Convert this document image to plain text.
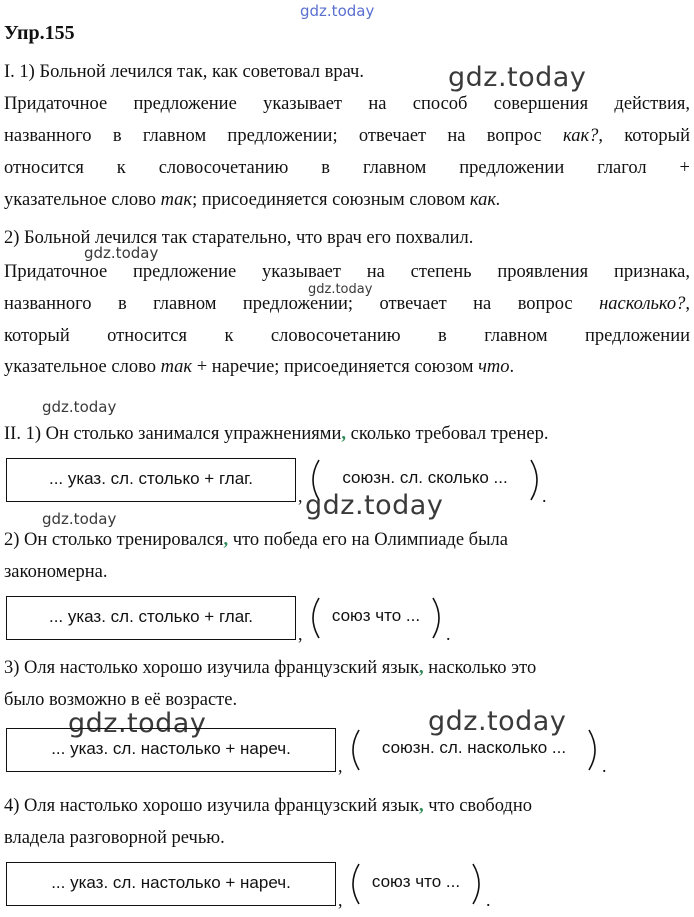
gdz.today
gdz.today
gdz.today
gdz.today
gdz.today
gdz.today
gdz.today
gdz.today	gdz.today
Упр.155
I. 1) Больной лечился так, как советовал врач.
Придаточное предложение указывает на способ совершения действия,
названного в главном предложении; отвечает на вопрос как?, который
относится к словосочетанию в главном предложении глагол +
указательное слово так; присоединяется союзным словом как.
2) Больной лечился так старательно, что врач его похвалил.
Придаточное предложение указывает на степень проявления признака,
названного в главном предложении; отвечает на вопрос насколько?,
который относится к словосочетанию в главном предложении
указательное слово так + наречие; присоединяется союзом что.
II. 1) Он столько занимался упражнениями, сколько требовал тренер.
... указ. сл. столько + глаг.
,
союзн. сл. сколько ...
.
2) Он столько тренировался, что победа его на Олимпиаде была
закономерна.
... указ. сл. столько + глаг.
,
союз что ...
.
3) Оля настолько хорошо изучила французский язык, насколько это
было возможно в её возрасте.
... указ. сл. настолько + нареч.
,
союзн. сл. насколько ...
.
4) Оля настолько хорошо изучила французский язык, что свободно
владела разговорной речью.
... указ. сл. настолько + нареч.
,
союз что ...
.
